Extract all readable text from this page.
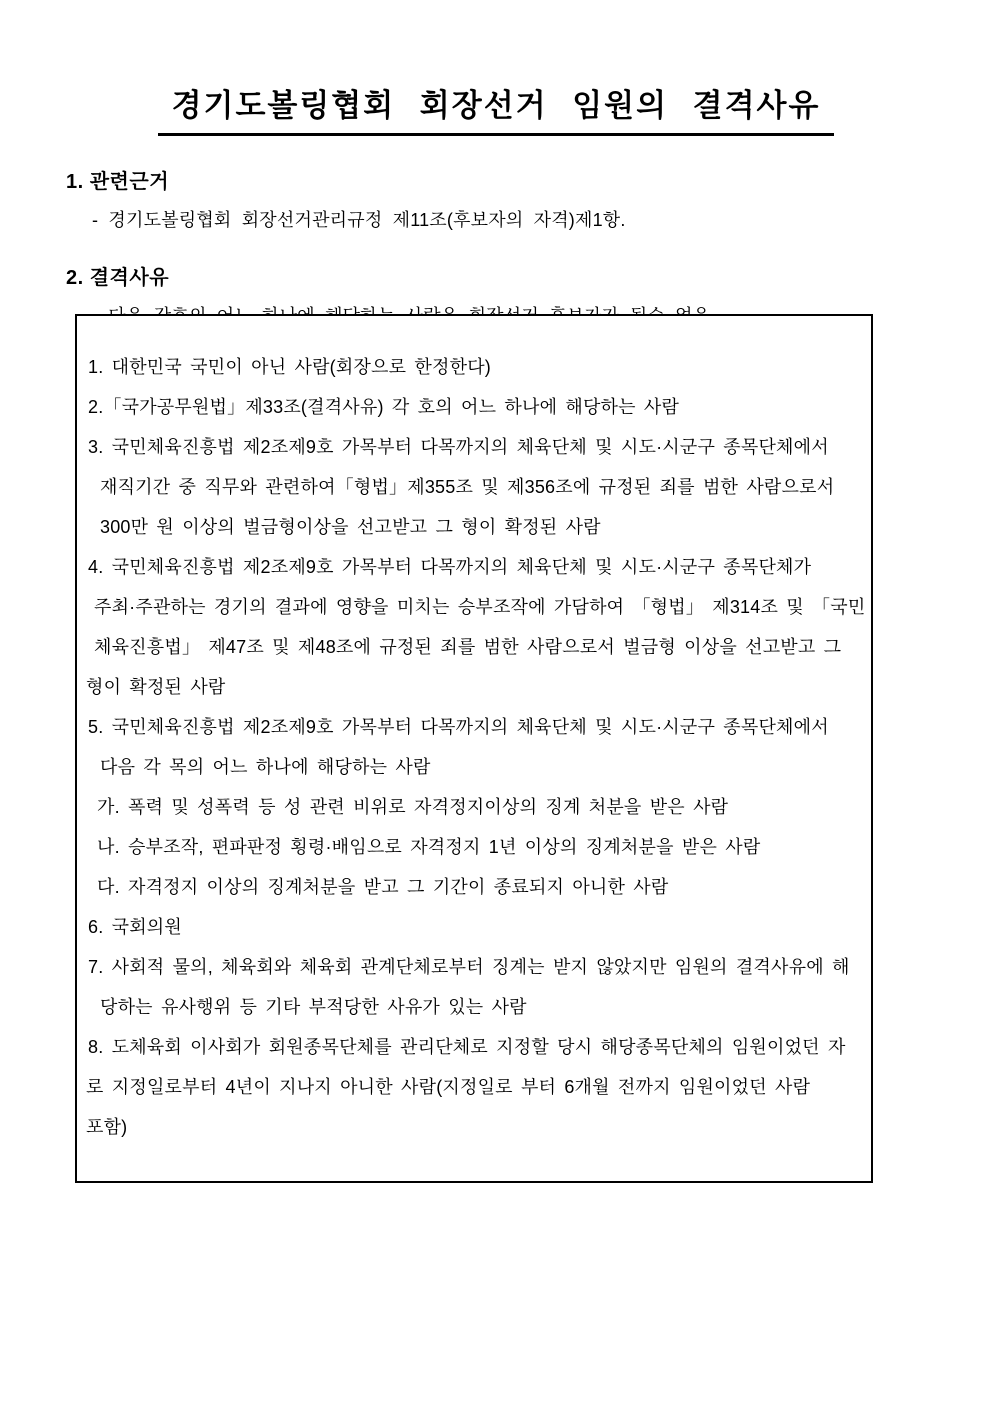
경기도볼링협회 회장선거 임원의 결격사유
1. 관련근거
- 경기도볼링협회 회장선거관리규정 제11조(후보자의 자격)제1항.
2. 결격사유
1. 대한민국 국민이 아닌 사람(회장으로 한정한다)
2.「국가공무원법」제33조(결격사유) 각 호의 어느 하나에 해당하는 사람
3. 국민체육진흥법 제2조제9호 가목부터 다목까지의 체육단체 및 시도·시군구 종목단체에서
재직기간 중 직무와 관련하여「형법」제355조 및 제356조에 규정된 죄를 범한 사람으로서
300만 원 이상의 벌금형이상을 선고받고 그 형이 확정된 사람
4. 국민체육진흥법 제2조제9호 가목부터 다목까지의 체육단체 및 시도·시군구 종목단체가
주최·주관하는 경기의 결과에 영향을 미치는 승부조작에 가담하여 「형법」 제314조 및 「국민
체육진흥법」 제47조 및 제48조에 규정된 죄를 범한 사람으로서 벌금형 이상을 선고받고 그
형이 확정된 사람
5. 국민체육진흥법 제2조제9호 가목부터 다목까지의 체육단체 및 시도·시군구 종목단체에서
다음 각 목의 어느 하나에 해당하는 사람
가. 폭력 및 성폭력 등 성 관련 비위로 자격정지이상의 징계 처분을 받은 사람
나. 승부조작, 편파판정 횡령·배임으로 자격정지 1년 이상의 징계처분을 받은 사람
다. 자격정지 이상의 징계처분을 받고 그 기간이 종료되지 아니한 사람
6. 국회의원
7. 사회적 물의, 체육회와 체육회 관계단체로부터 징계는 받지 않았지만 임원의 결격사유에 해
당하는 유사행위 등 기타 부적당한 사유가 있는 사람
8. 도체육회 이사회가 회원종목단체를 관리단체로 지정할 당시 해당종목단체의 임원이었던 자
로 지정일로부터 4년이 지나지 아니한 사람(지정일로 부터 6개월 전까지 임원이었던 사람
포함)
